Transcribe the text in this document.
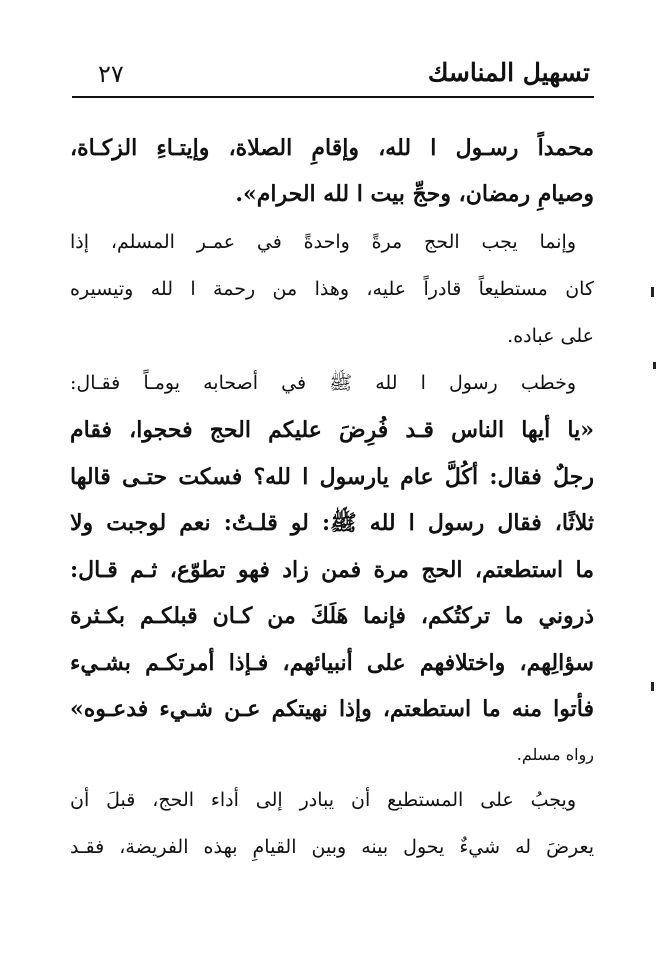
تسهيل المناسك
٢٧
محمداً رسـول ا لله، وإقامِ الصلاة، وإيتـاءِ الزكـاة،
وصيامِ رمضان، وحجِّ بيت ا لله الحرام».
وإنما يجب الحج مرةً واحدةً في عمـر المسلم، إذا
كان مستطيعاً قادراً عليه، وهذا من رحمة ا لله وتيسيره
على عباده.
وخطب رسول ا لله ﷺ في أصحابه يومـاً فقـال:
«يا أيها الناس قـد فُرِضَ عليكم الحج فحجوا، فقام
رجلٌ فقال: أكُلَّ عام يارسول ا لله؟ فسكت حتـى قالها
ثلاثًا، فقال رسول ا لله ﷺ: لو قلـتُ: نعم لوجبت ولا
ما استطعتم، الحج مرة فمن زاد فهو تطوّع، ثـم قـال:
ذروني ما تركتُكم، فإنما هَلَكَ من كـان قبلكـم بكـثرة
سؤالِهم، واختلافهم على أنبيائهم، فـإذا أمرتكـم بشـيء
فأتوا منه ما استطعتم، وإذا نهيتكم عـن شـيء فدعـوه»
رواه مسلم.
ويجبُ على المستطيع أن يبادر إلى أداء الحج، قبلَ أن
يعرضَ له شيءٌ يحول بينه وبين القيامِ بهذه الفريضة، فقـد
